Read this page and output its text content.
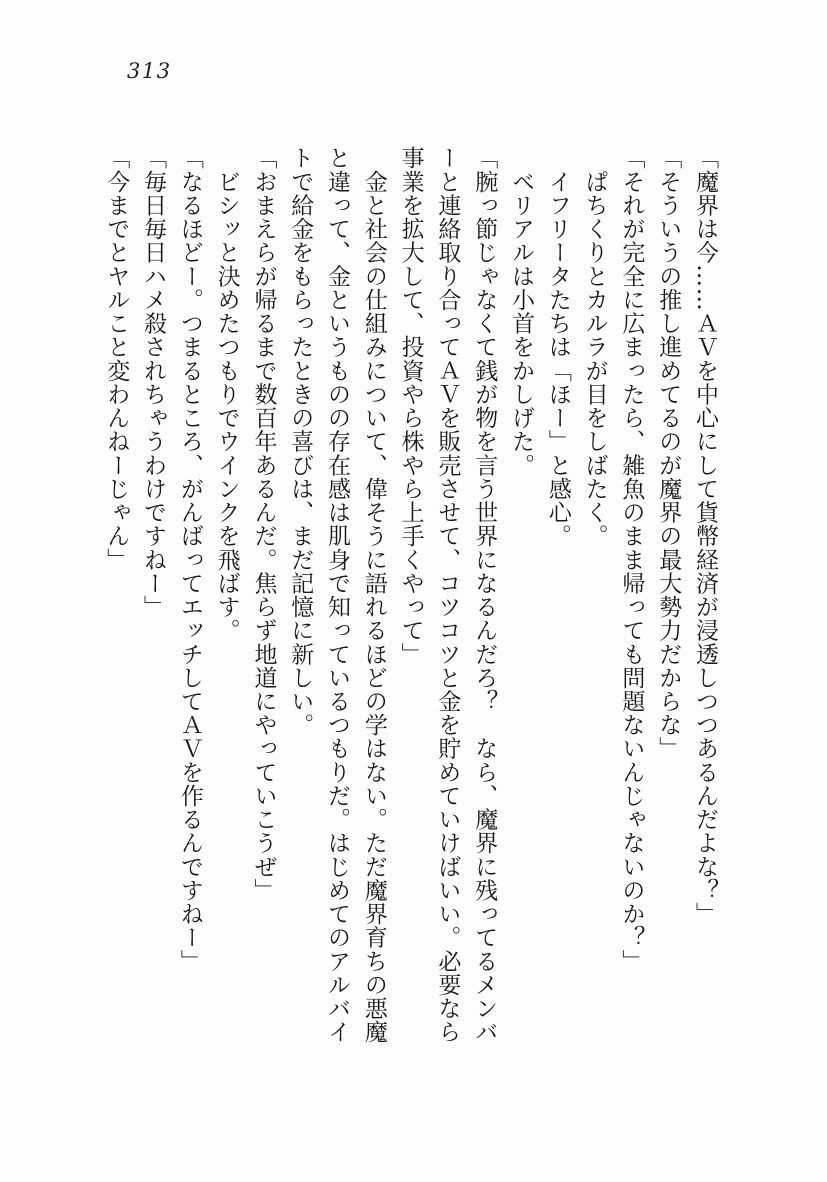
313

「魔界は今……ＡＶを中心にして貨幣経済が浸透しつつあるんだよな？」

「そういうの推し進めてるのが魔界の最大勢力だからな」

「それが完全に広まったら、雑魚のまま帰っても問題ないんじゃないのか？」

　ぱちくりとカルラが目をしばたく。

　イフリータたちは「ほー」と感心。

　ベリアルは小首をかしげた。

「腕っ節じゃなくて銭が物を言う世界になるんだろ？　なら、魔界に残ってるメンバーと連絡取り合ってＡＶを販売させて、コツコツと金を貯めていけばいい。必要なら事業を拡大して、投資やら株やら上手くやって」

　金と社会の仕組みについて、偉そうに語れるほどの学はない。ただ魔界育ちの悪魔と違って、金というものの存在感は肌身で知っているつもりだ。はじめてのアルバイトで給金をもらったときの喜びは、まだ記憶に新しい。

「おまえらが帰るまで数百年あるんだ。焦らず地道にやっていこうぜ」

　ビシッと決めたつもりでウインクを飛ばす。

「なるほどー。つまるところ、がんばってエッチしてＡＶを作るんですねー」

「毎日毎日ハメ殺されちゃうわけですねー」

「今までとヤルこと変わんねーじゃん」
